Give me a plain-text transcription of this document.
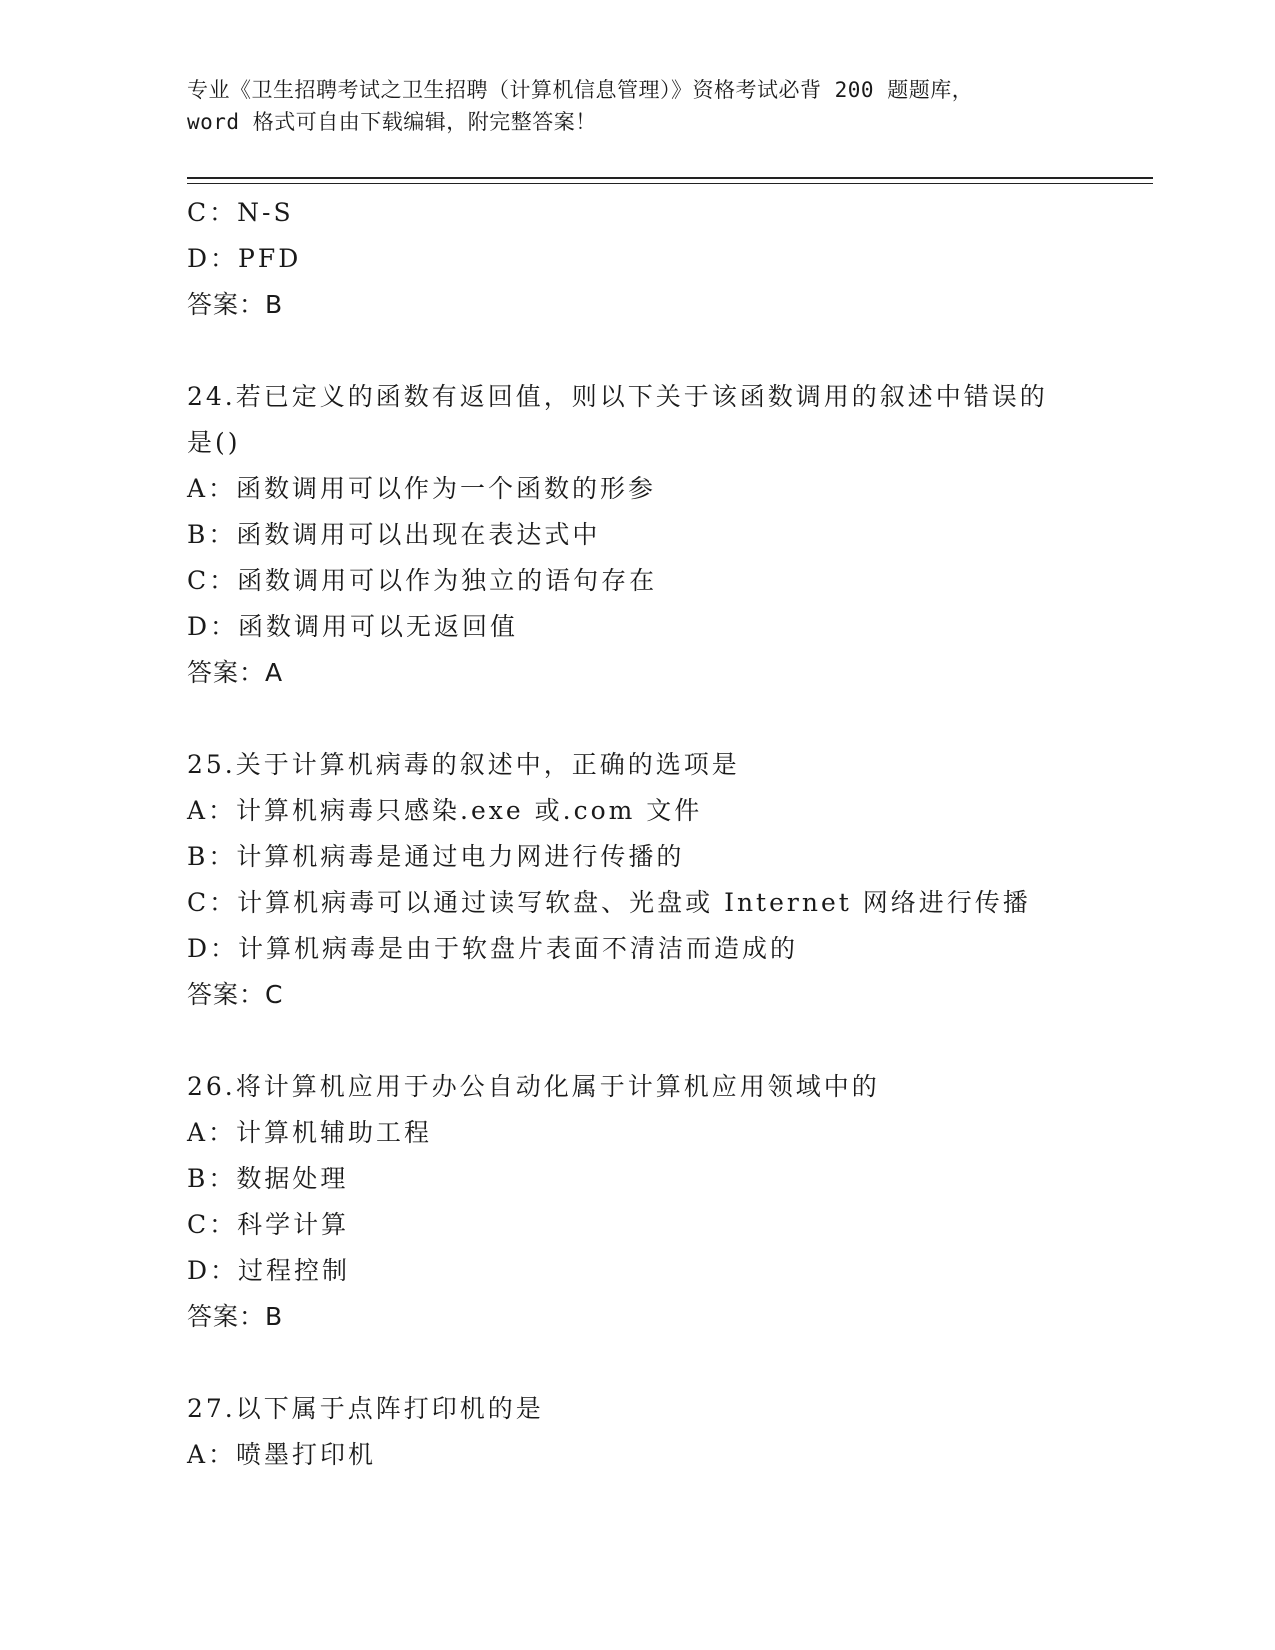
专业《卫生招聘考试之卫生招聘（计算机信息管理）》资格考试必背 200 题题库，
word 格式可自由下载编辑，附完整答案！
C：N-S
D：PFD
答案：B
24.若已定义的函数有返回值，则以下关于该函数调用的叙述中错误的
是()
A：函数调用可以作为一个函数的形参
B：函数调用可以出现在表达式中
C：函数调用可以作为独立的语句存在
D：函数调用可以无返回值
答案：A
25.关于计算机病毒的叙述中，正确的选项是
A：计算机病毒只感染.exe 或.com 文件
B：计算机病毒是通过电力网进行传播的
C：计算机病毒可以通过读写软盘、光盘或 Internet 网络进行传播
D：计算机病毒是由于软盘片表面不清洁而造成的
答案：C
26.将计算机应用于办公自动化属于计算机应用领域中的
A：计算机辅助工程
B：数据处理
C：科学计算
D：过程控制
答案：B
27.以下属于点阵打印机的是
A：喷墨打印机
